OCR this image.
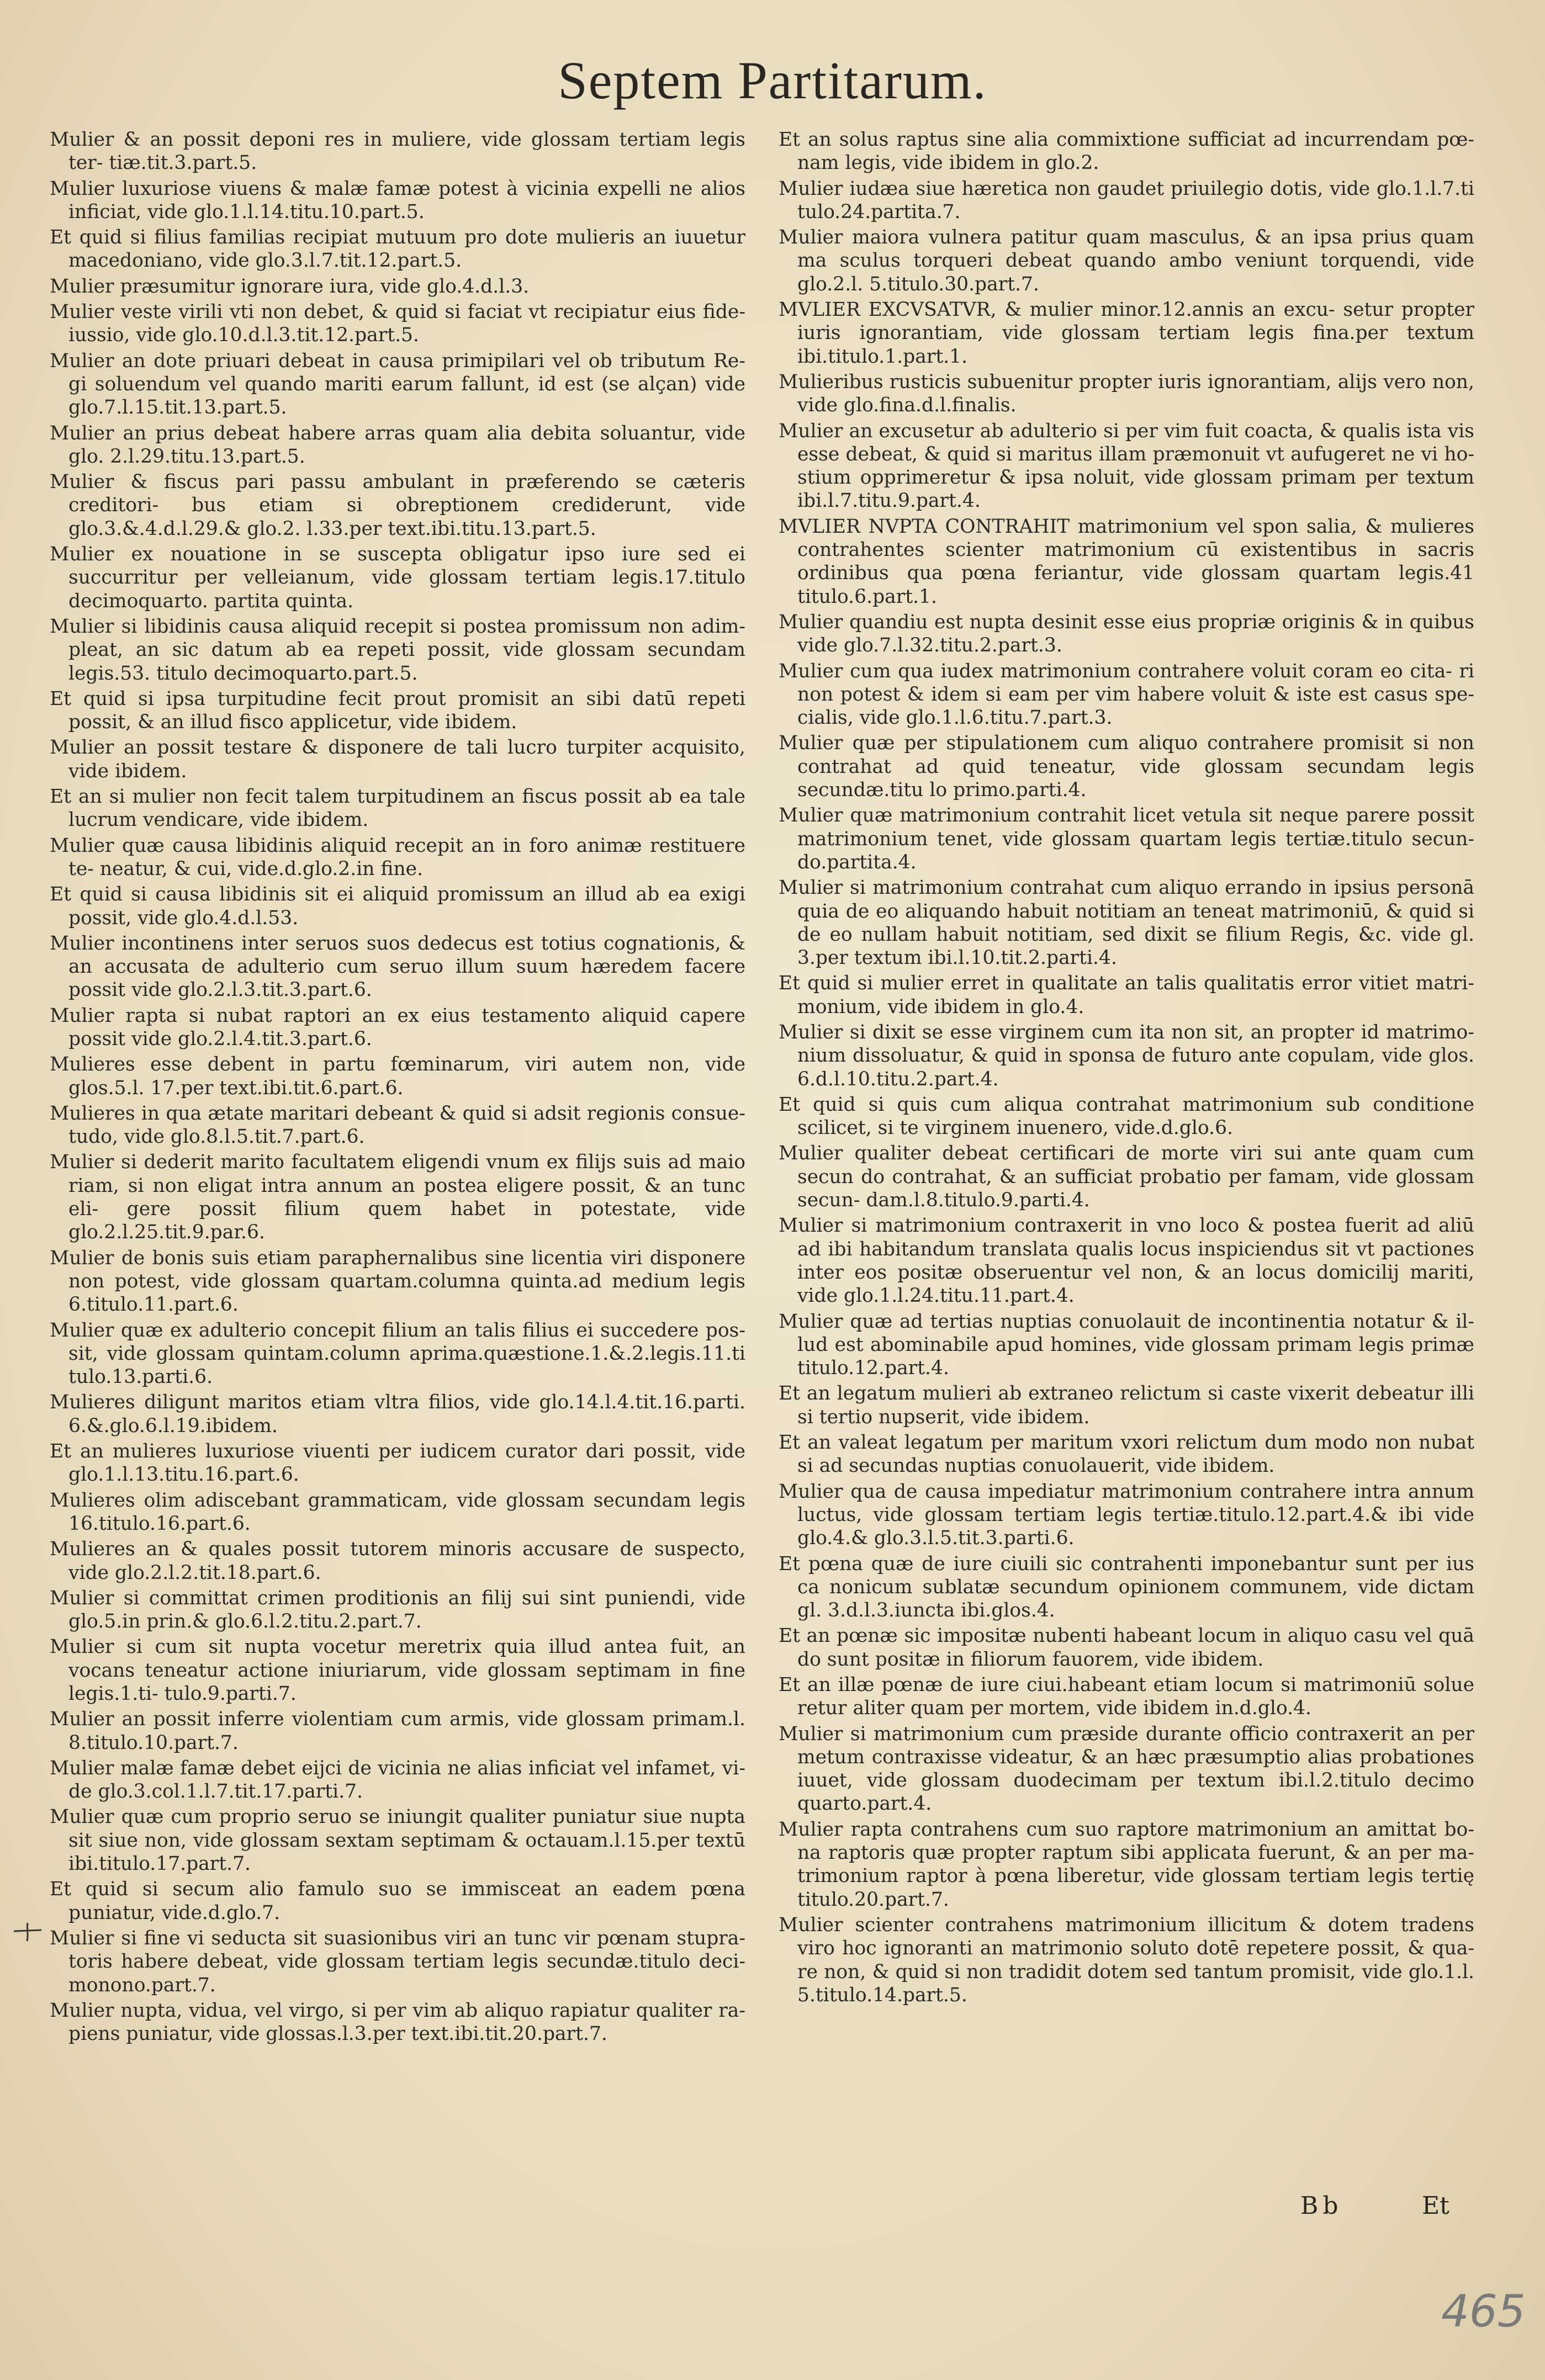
Septem Partitarum.

Mulier & an possit deponi res in muliere, vide glossam tertiam legis ter- tiæ.tit.3.part.5.

Mulier luxuriose viuens & malæ famæ potest à vicinia expelli ne alios inficiat, vide glo.1.l.14.titu.10.part.5.

Et quid si filius familias recipiat mutuum pro dote mulieris an iuuetur macedoniano, vide glo.3.l.7.tit.12.part.5.

Mulier præsumitur ignorare iura, vide glo.4.d.l.3.

Mulier veste virili vti non debet, & quid si faciat vt recipiatur eius fide- iussio, vide glo.10.d.l.3.tit.12.part.5.

Mulier an dote priuari debeat in causa primipilari vel ob tributum Re- gi soluendum vel quando mariti earum fallunt, id est (se alçan) vide glo.7.l.15.tit.13.part.5.

Mulier an prius debeat habere arras quam alia debita soluantur, vide glo. 2.l.29.titu.13.part.5.

Mulier & fiscus pari passu ambulant in præferendo se cæteris creditori- bus etiam si obreptionem crediderunt, vide glo.3.&.4.d.l.29.& glo.2. l.33.per text.ibi.titu.13.part.5.

Mulier ex nouatione in se suscepta obligatur ipso iure sed ei succurritur per velleianum, vide glossam tertiam legis.17.titulo decimoquarto. partita quinta.

Mulier si libidinis causa aliquid recepit si postea promissum non adim- pleat, an sic datum ab ea repeti possit, vide glossam secundam legis.53. titulo decimoquarto.part.5.

Et quid si ipsa turpitudine fecit prout promisit an sibi datū repeti possit, & an illud fisco applicetur, vide ibidem.

Mulier an possit testare & disponere de tali lucro turpiter acquisito, vide ibidem.

Et an si mulier non fecit talem turpitudinem an fiscus possit ab ea tale lucrum vendicare, vide ibidem.

Mulier quæ causa libidinis aliquid recepit an in foro animæ restituere te- neatur, & cui, vide.d.glo.2.in fine.

Et quid si causa libidinis sit ei aliquid promissum an illud ab ea exigi possit, vide glo.4.d.l.53.

Mulier incontinens inter seruos suos dedecus est totius cognationis, & an accusata de adulterio cum seruo illum suum hæredem facere possit vide glo.2.l.3.tit.3.part.6.

Mulier rapta si nubat raptori an ex eius testamento aliquid capere possit vide glo.2.l.4.tit.3.part.6.

Mulieres esse debent in partu fœminarum, viri autem non, vide glos.5.l. 17.per text.ibi.tit.6.part.6.

Mulieres in qua ætate maritari debeant & quid si adsit regionis consue- tudo, vide glo.8.l.5.tit.7.part.6.

Mulier si dederit marito facultatem eligendi vnum ex filijs suis ad maio riam, si non eligat intra annum an postea eligere possit, & an tunc eli- gere possit filium quem habet in potestate, vide glo.2.l.25.tit.9.par.6.

Mulier de bonis suis etiam paraphernalibus sine licentia viri disponere non potest, vide glossam quartam.columna quinta.ad medium legis 6.titulo.11.part.6.

Mulier quæ ex adulterio concepit filium an talis filius ei succedere pos- sit, vide glossam quintam.column aprima.quæstione.1.&.2.legis.11.ti tulo.13.parti.6.

Mulieres diligunt maritos etiam vltra filios, vide glo.14.l.4.tit.16.parti. 6.&.glo.6.l.19.ibidem.

Et an mulieres luxuriose viuenti per iudicem curator dari possit, vide glo.1.l.13.titu.16.part.6.

Mulieres olim adiscebant grammaticam, vide glossam secundam legis 16.titulo.16.part.6.

Mulieres an & quales possit tutorem minoris accusare de suspecto, vide glo.2.l.2.tit.18.part.6.

Mulier si committat crimen proditionis an filij sui sint puniendi, vide glo.5.in prin.& glo.6.l.2.titu.2.part.7.

Mulier si cum sit nupta vocetur meretrix quia illud antea fuit, an vocans teneatur actione iniuriarum, vide glossam septimam in fine legis.1.ti- tulo.9.parti.7.

Mulier an possit inferre violentiam cum armis, vide glossam primam.l. 8.titulo.10.part.7.

Mulier malæ famæ debet eijci de vicinia ne alias inficiat vel infamet, vi- de glo.3.col.1.l.7.tit.17.parti.7.

Mulier quæ cum proprio seruo se iniungit qualiter puniatur siue nupta sit siue non, vide glossam sextam septimam & octauam.l.15.per textū ibi.titulo.17.part.7.

Et quid si secum alio famulo suo se immisceat an eadem pœna puniatur, vide.d.glo.7.

Mulier si fine vi seducta sit suasionibus viri an tunc vir pœnam stupra- toris habere debeat, vide glossam tertiam legis secundæ.titulo deci- monono.part.7.

Mulier nupta, vidua, vel virgo, si per vim ab aliquo rapiatur qualiter ra- piens puniatur, vide glossas.l.3.per text.ibi.tit.20.part.7.

Et an solus raptus sine alia commixtione sufficiat ad incurrendam pœ- nam legis, vide ibidem in glo.2.

Mulier iudæa siue hæretica non gaudet priuilegio dotis, vide glo.1.l.7.ti tulo.24.partita.7.

Mulier maiora vulnera patitur quam masculus, & an ipsa prius quam ma sculus torqueri debeat quando ambo veniunt torquendi, vide glo.2.l. 5.titulo.30.part.7.

MVLIER EXCVSATVR, & mulier minor.12.annis an excu- setur propter iuris ignorantiam, vide glossam tertiam legis fina.per textum ibi.titulo.1.part.1.

Mulieribus rusticis subuenitur propter iuris ignorantiam, alijs vero non, vide glo.fina.d.l.finalis.

Mulier an excusetur ab adulterio si per vim fuit coacta, & qualis ista vis esse debeat, & quid si maritus illam præmonuit vt aufugeret ne vi ho- stium opprimeretur & ipsa noluit, vide glossam primam per textum ibi.l.7.titu.9.part.4.

MVLIER NVPTA CONTRAHIT matrimonium vel spon salia, & mulieres contrahentes scienter matrimonium cū existentibus in sacris ordinibus qua pœna feriantur, vide glossam quartam legis.41 titulo.6.part.1.

Mulier quandiu est nupta desinit esse eius propriæ originis & in quibus vide glo.7.l.32.titu.2.part.3.

Mulier cum qua iudex matrimonium contrahere voluit coram eo cita- ri non potest & idem si eam per vim habere voluit & iste est casus spe- cialis, vide glo.1.l.6.titu.7.part.3.

Mulier quæ per stipulationem cum aliquo contrahere promisit si non contrahat ad quid teneatur, vide glossam secundam legis secundæ.titu lo primo.parti.4.

Mulier quæ matrimonium contrahit licet vetula sit neque parere possit matrimonium tenet, vide glossam quartam legis tertiæ.titulo secun- do.partita.4.

Mulier si matrimonium contrahat cum aliquo errando in ipsius personā quia de eo aliquando habuit notitiam an teneat matrimoniū, & quid si de eo nullam habuit notitiam, sed dixit se filium Regis, &c. vide gl. 3.per textum ibi.l.10.tit.2.parti.4.

Et quid si mulier erret in qualitate an talis qualitatis error vitiet matri- monium, vide ibidem in glo.4.

Mulier si dixit se esse virginem cum ita non sit, an propter id matrimo- nium dissoluatur, & quid in sponsa de futuro ante copulam, vide glos. 6.d.l.10.titu.2.part.4.

Et quid si quis cum aliqua contrahat matrimonium sub conditione scilicet, si te virginem inuenero, vide.d.glo.6.

Mulier qualiter debeat certificari de morte viri sui ante quam cum secun do contrahat, & an sufficiat probatio per famam, vide glossam secun- dam.l.8.titulo.9.parti.4.

Mulier si matrimonium contraxerit in vno loco & postea fuerit ad aliū ad ibi habitandum translata qualis locus inspiciendus sit vt pactiones inter eos positæ obseruentur vel non, & an locus domicilij mariti, vide glo.1.l.24.titu.11.part.4.

Mulier quæ ad tertias nuptias conuolauit de incontinentia notatur & il- lud est abominabile apud homines, vide glossam primam legis primæ titulo.12.part.4.

Et an legatum mulieri ab extraneo relictum si caste vixerit debeatur illi si tertio nupserit, vide ibidem.

Et an valeat legatum per maritum vxori relictum dum modo non nubat si ad secundas nuptias conuolauerit, vide ibidem.

Mulier qua de causa impediatur matrimonium contrahere intra annum luctus, vide glossam tertiam legis tertiæ.titulo.12.part.4.& ibi vide glo.4.& glo.3.l.5.tit.3.parti.6.

Et pœna quæ de iure ciuili sic contrahenti imponebantur sunt per ius ca nonicum sublatæ secundum opinionem communem, vide dictam gl. 3.d.l.3.iuncta ibi.glos.4.

Et an pœnæ sic impositæ nubenti habeant locum in aliquo casu vel quā do sunt positæ in filiorum fauorem, vide ibidem.

Et an illæ pœnæ de iure ciui.habeant etiam locum si matrimoniū solue retur aliter quam per mortem, vide ibidem in.d.glo.4.

Mulier si matrimonium cum præside durante officio contraxerit an per metum contraxisse videatur, & an hæc præsumptio alias probationes iuuet, vide glossam duodecimam per textum ibi.l.2.titulo decimo quarto.part.4.

Mulier rapta contrahens cum suo raptore matrimonium an amittat bo- na raptoris quæ propter raptum sibi applicata fuerunt, & an per ma- trimonium raptor à pœna liberetur, vide glossam tertiam legis tertię titulo.20.part.7.

Mulier scienter contrahens matrimonium illicitum & dotem tradens viro hoc ignoranti an matrimonio soluto dotē repetere possit, & qua- re non, & quid si non tradidit dotem sed tantum promisit, vide glo.1.l. 5.titulo.14.part.5.

Bb	Et
465
